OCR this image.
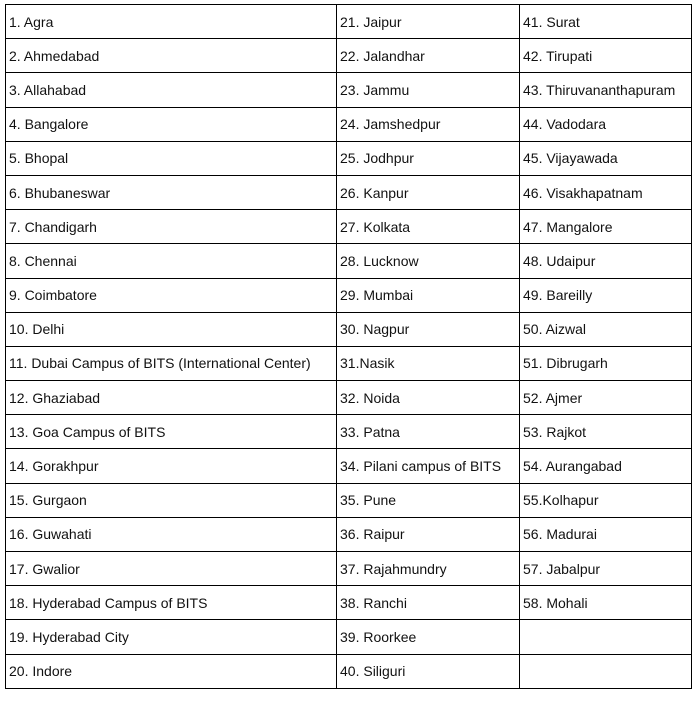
1. Agra	21. Jaipur	41. Surat
2. Ahmedabad	22. Jalandhar	42. Tirupati
3. Allahabad	23. Jammu	43. Thiruvananthapuram
4. Bangalore	24. Jamshedpur	44. Vadodara
5. Bhopal	25. Jodhpur	45. Vijayawada
6. Bhubaneswar	26. Kanpur	46. Visakhapatnam
7. Chandigarh	27. Kolkata	47. Mangalore
8. Chennai	28. Lucknow	48. Udaipur
9. Coimbatore	29. Mumbai	49. Bareilly
10. Delhi	30. Nagpur	50. Aizwal
11. Dubai Campus of BITS (International Center)	31.Nasik	51. Dibrugarh
12. Ghaziabad	32. Noida	52. Ajmer
13. Goa Campus of BITS	33. Patna	53. Rajkot
14. Gorakhpur	34. Pilani campus of BITS	54. Aurangabad
15. Gurgaon	35. Pune	55.Kolhapur
16. Guwahati	36. Raipur	56. Madurai
17. Gwalior	37. Rajahmundry	57. Jabalpur
18. Hyderabad Campus of BITS	38. Ranchi	58. Mohali
19. Hyderabad City	39. Roorkee	
20. Indore	40. Siliguri	
